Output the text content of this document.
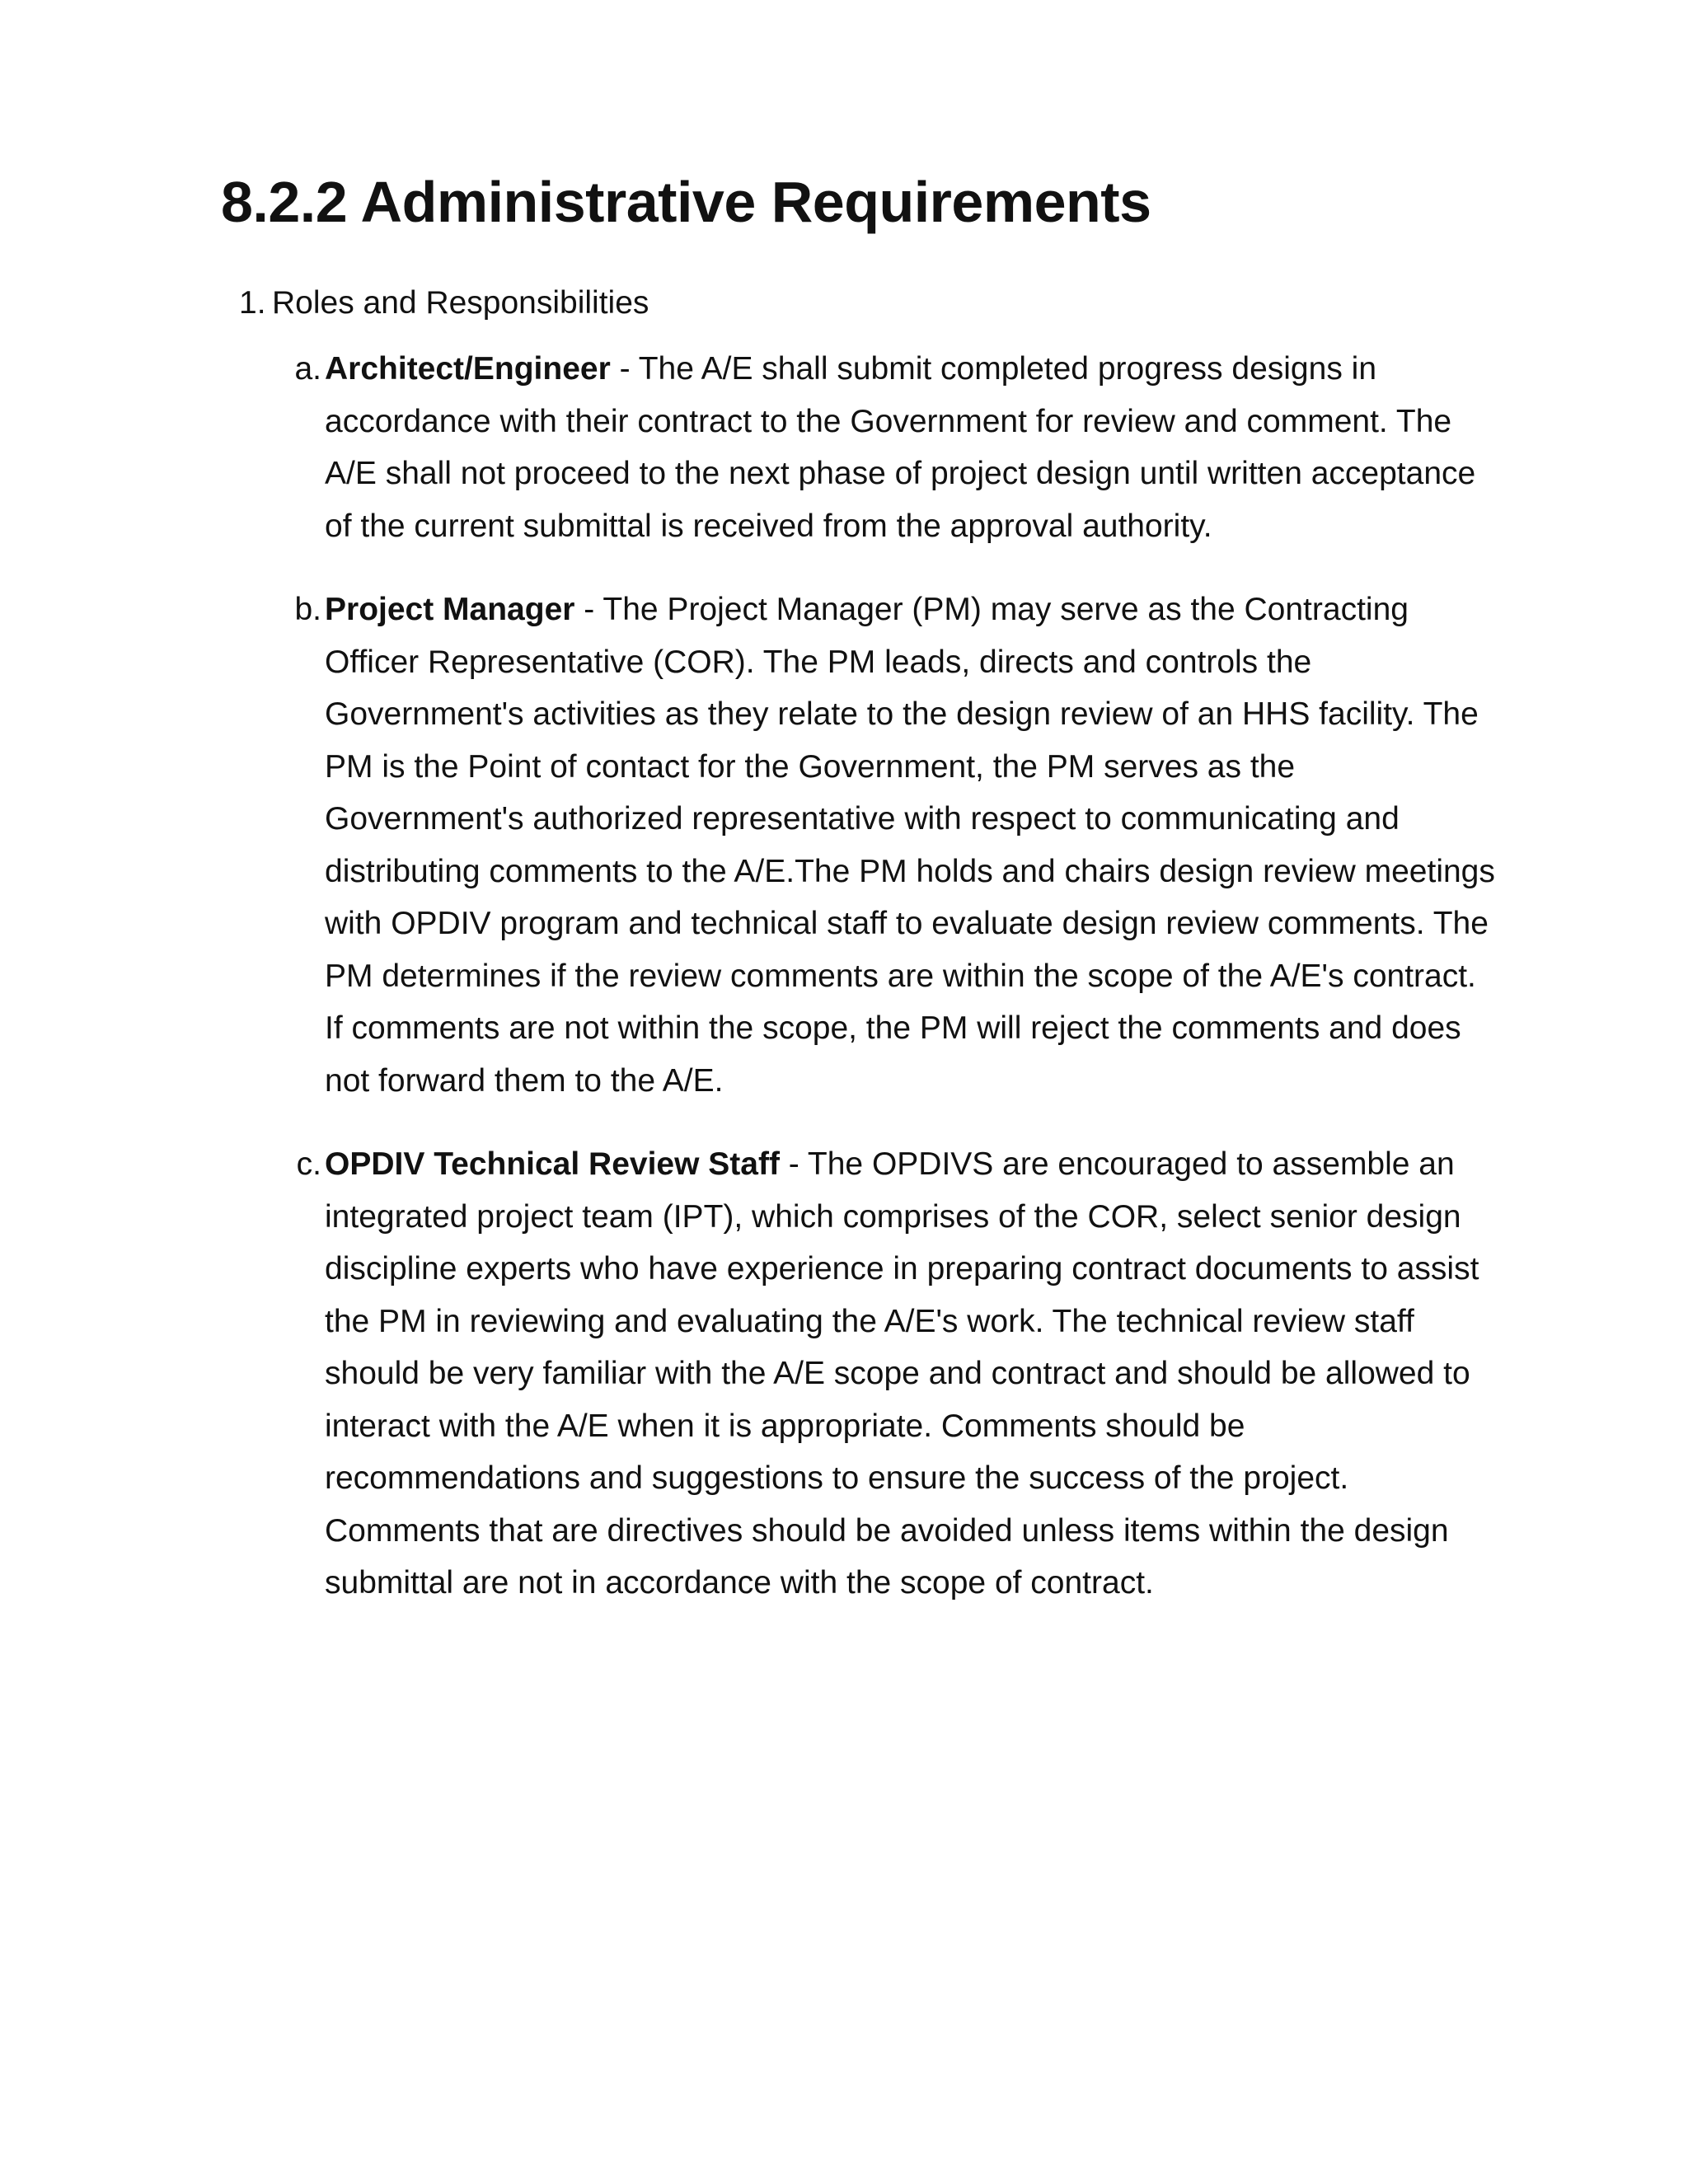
8.2.2 Administrative Requirements
1. Roles and Responsibilities
a. Architect/Engineer - The A/E shall submit completed progress designs in accordance with their contract to the Government for review and comment. The A/E shall not proceed to the next phase of project design until written acceptance of the current submittal is received from the approval authority.
b. Project Manager - The Project Manager (PM) may serve as the Contracting Officer Representative (COR). The PM leads, directs and controls the Government's activities as they relate to the design review of an HHS facility. The PM is the Point of contact for the Government, the PM serves as the Government's authorized representative with respect to communicating and distributing comments to the A/E.The PM holds and chairs design review meetings with OPDIV program and technical staff to evaluate design review comments. The PM determines if the review comments are within the scope of the A/E's contract. If comments are not within the scope, the PM will reject the comments and does not forward them to the A/E.
c. OPDIV Technical Review Staff - The OPDIVS are encouraged to assemble an integrated project team (IPT), which comprises of the COR, select senior design discipline experts who have experience in preparing contract documents to assist the PM in reviewing and evaluating the A/E's work. The technical review staff should be very familiar with the A/E scope and contract and should be allowed to interact with the A/E when it is appropriate. Comments should be recommendations and suggestions to ensure the success of the project. Comments that are directives should be avoided unless items within the design submittal are not in accordance with the scope of contract.
